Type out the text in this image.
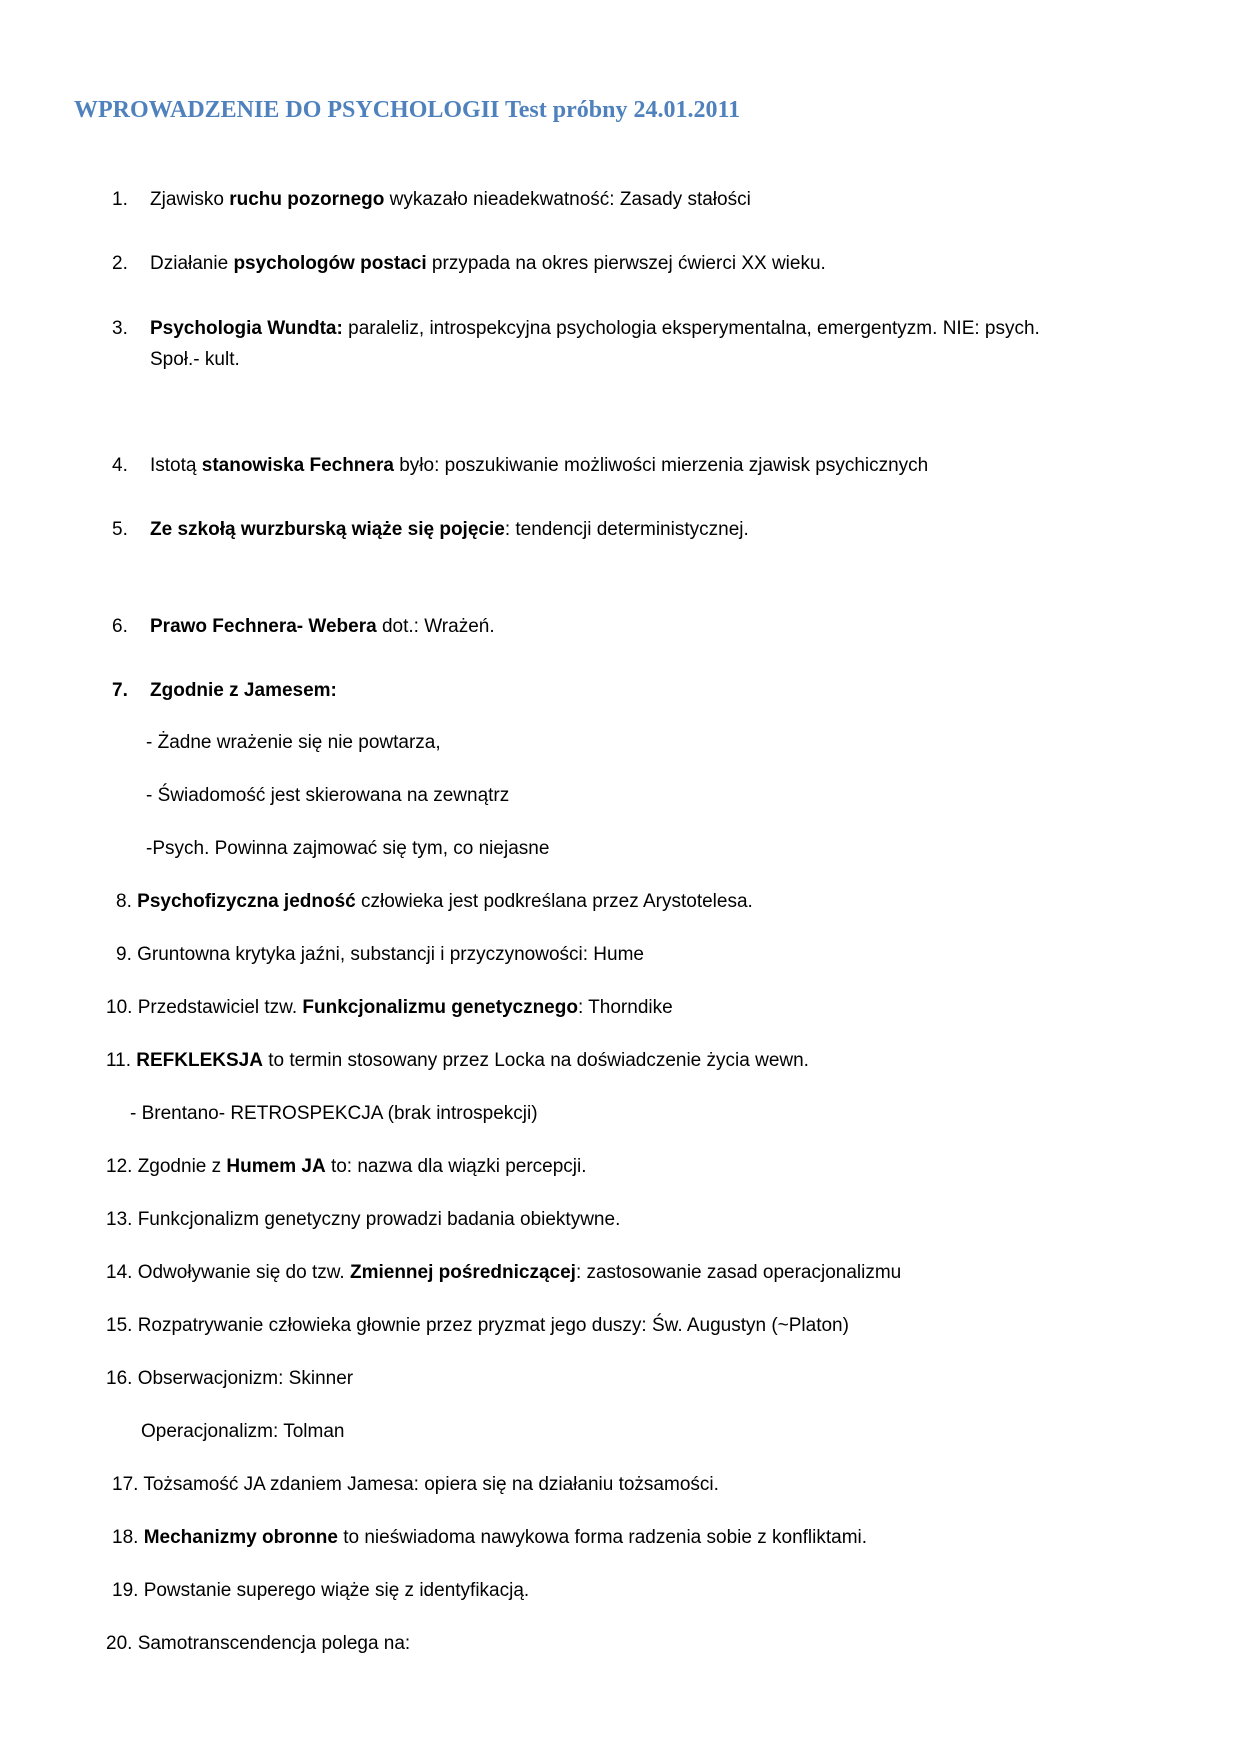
WPROWADZENIE DO PSYCHOLOGII Test próbny 24.01.2011
1. Zjawisko ruchu pozornego wykazało nieadekwatność: Zasady stałości
2. Działanie psychologów postaci przypada na okres pierwszej ćwierci XX wieku.
3. Psychologia Wundta: paraleliz, introspekcyjna psychologia eksperymentalna, emergentyzm. NIE: psych.
Społ.- kult.
4. Istotą stanowiska Fechnera było: poszukiwanie możliwości mierzenia zjawisk psychicznych
5. Ze szkołą wurzburską wiąże się pojęcie: tendencji deterministycznej.
6. Prawo Fechnera- Webera dot.: Wrażeń.
7. Zgodnie z Jamesem:
- Żadne wrażenie się nie powtarza,
- Świadomość jest skierowana na zewnątrz
-Psych. Powinna zajmować się tym, co niejasne
8. Psychofizyczna jedność człowieka jest podkreślana przez Arystotelesa.
9. Gruntowna krytyka jaźni, substancji i przyczynowości: Hume
10. Przedstawiciel tzw. Funkcjonalizmu genetycznego: Thorndike
11. REFKLEKSJA to termin stosowany przez Locka na doświadczenie życia wewn.
- Brentano- RETROSPEKCJA (brak introspekcji)
12. Zgodnie z Humem JA to: nazwa dla wiązki percepcji.
13. Funkcjonalizm genetyczny prowadzi badania obiektywne.
14. Odwoływanie się do tzw. Zmiennej pośredniczącej: zastosowanie zasad operacjonalizmu
15. Rozpatrywanie człowieka głownie przez pryzmat jego duszy: Św. Augustyn (~Platon)
16. Obserwacjonizm: Skinner
Operacjonalizm: Tolman
17. Tożsamość JA zdaniem Jamesa: opiera się na działaniu tożsamości.
18. Mechanizmy obronne to nieświadoma nawykowa forma radzenia sobie z konfliktami.
19. Powstanie superego wiąże się z identyfikacją.
20. Samotranscendencja polega na:
